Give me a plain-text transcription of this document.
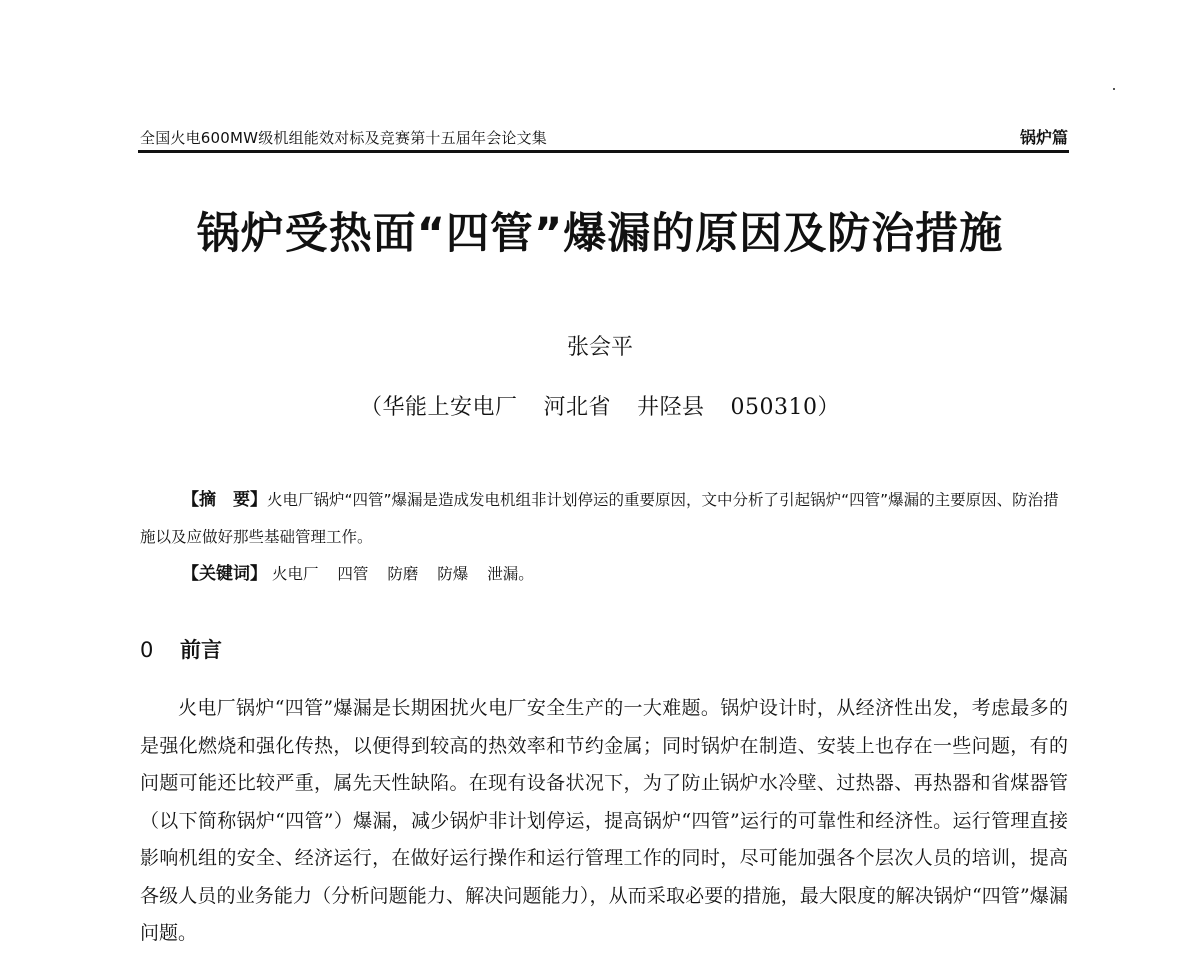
全国火电600MW级机组能效对标及竞赛第十五届年会论文集	锅炉篇
锅炉受热面“四管”爆漏的原因及防治措施
张会平
（华能上安电厂 河北省 井陉县 050310）
【摘　要】火电厂锅炉“四管”爆漏是造成发电机组非计划停运的重要原因，文中分析了引起锅炉“四管”爆漏的主要原因、防治措施以及应做好那些基础管理工作。
【关键词】 火电厂 四管 防磨 防爆 泄漏。
0 前言

火电厂锅炉“四管”爆漏是长期困扰火电厂安全生产的一大难题。锅炉设计时，从经济性出发，考虑最多的是强化燃烧和强化传热，以便得到较高的热效率和节约金属；同时锅炉在制造、安装上也存在一些问题，有的问题可能还比较严重，属先天性缺陷。在现有设备状况下，为了防止锅炉水冷壁、过热器、再热器和省煤器管（以下简称锅炉“四管”）爆漏，减少锅炉非计划停运，提高锅炉“四管”运行的可靠性和经济性。运行管理直接影响机组的安全、经济运行，在做好运行操作和运行管理工作的同时，尽可能加强各个层次人员的培训，提高各级人员的业务能力（分析问题能力、解决问题能力），从而采取必要的措施，最大限度的解决锅炉“四管”爆漏问题。
